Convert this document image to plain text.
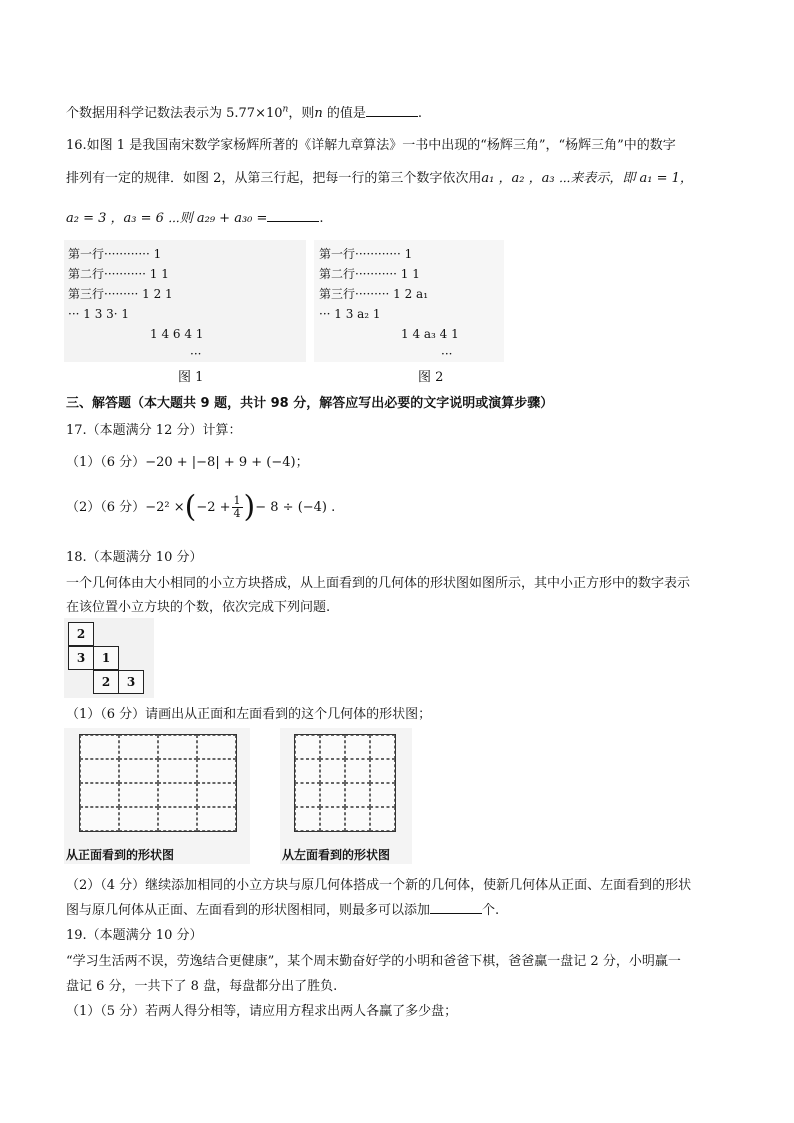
个数据用科学记数法表示为 $5.77\times 10^n$，则n 的值是	.
16.如图 1 是我国南宋数学家杨辉所著的《详解九章算法》一书中出现的“杨辉三角”，“杨辉三角”中的数字
排列有一定的规律．如图 2，从第三行起，把每一行的第三个数字依次用a₁ ，a₂ ，a₃ ⋯来表示，即 a₁ = 1，
a₂ = 3 ，a₃ = 6 ⋯则 a₂₉ + a₃₀ =	.
第一行············ 1
第二行··········· 1 1
第三行········· 1 2 1
··· 1 3 3· 1
1 4 6 4 1
···
图 1
第一行············ 1
第二行··········· 1 1
第三行········· 1 2 a₁
··· 1 3 a₂ 1
1 4 a₃ 4 1
···
图 2
三、解答题（本大题共 9 题，共计 98 分，解答应写出必要的文字说明或演算步骤）
17.（本题满分 12 分）计算：
（1）（6 分）−20 + |−8| + 9 + (−4)；
（2）（6 分）$-2^2 \times(-2 + \frac{1}{4}$ )− 8 ÷ (−4) .
18.（本题满分 10 分）
一个几何体由大小相同的小立方块搭成，从上面看到的几何体的形状图如图所示，其中小正方形中的数字表示
在该位置小立方块的个数，依次完成下列问题.
2
3	1
2	3
（1）（6 分）请画出从正面和左面看到的这个几何体的形状图；
从正面看到的形状图	从左面看到的形状图
（2）（4 分）继续添加相同的小立方块与原几何体搭成一个新的几何体，使新几何体从正面、左面看到的形状
图与原几何体从正面、左面看到的形状图相同，则最多可以添加	个.
19.（本题满分 10 分）
“学习生活两不误，劳逸结合更健康”，某个周末勤奋好学的小明和爸爸下棋，爸爸赢一盘记 2 分，小明赢一
盘记 6 分，一共下了 8 盘，每盘都分出了胜负.
（1）（5 分）若两人得分相等，请应用方程求出两人各赢了多少盘；
